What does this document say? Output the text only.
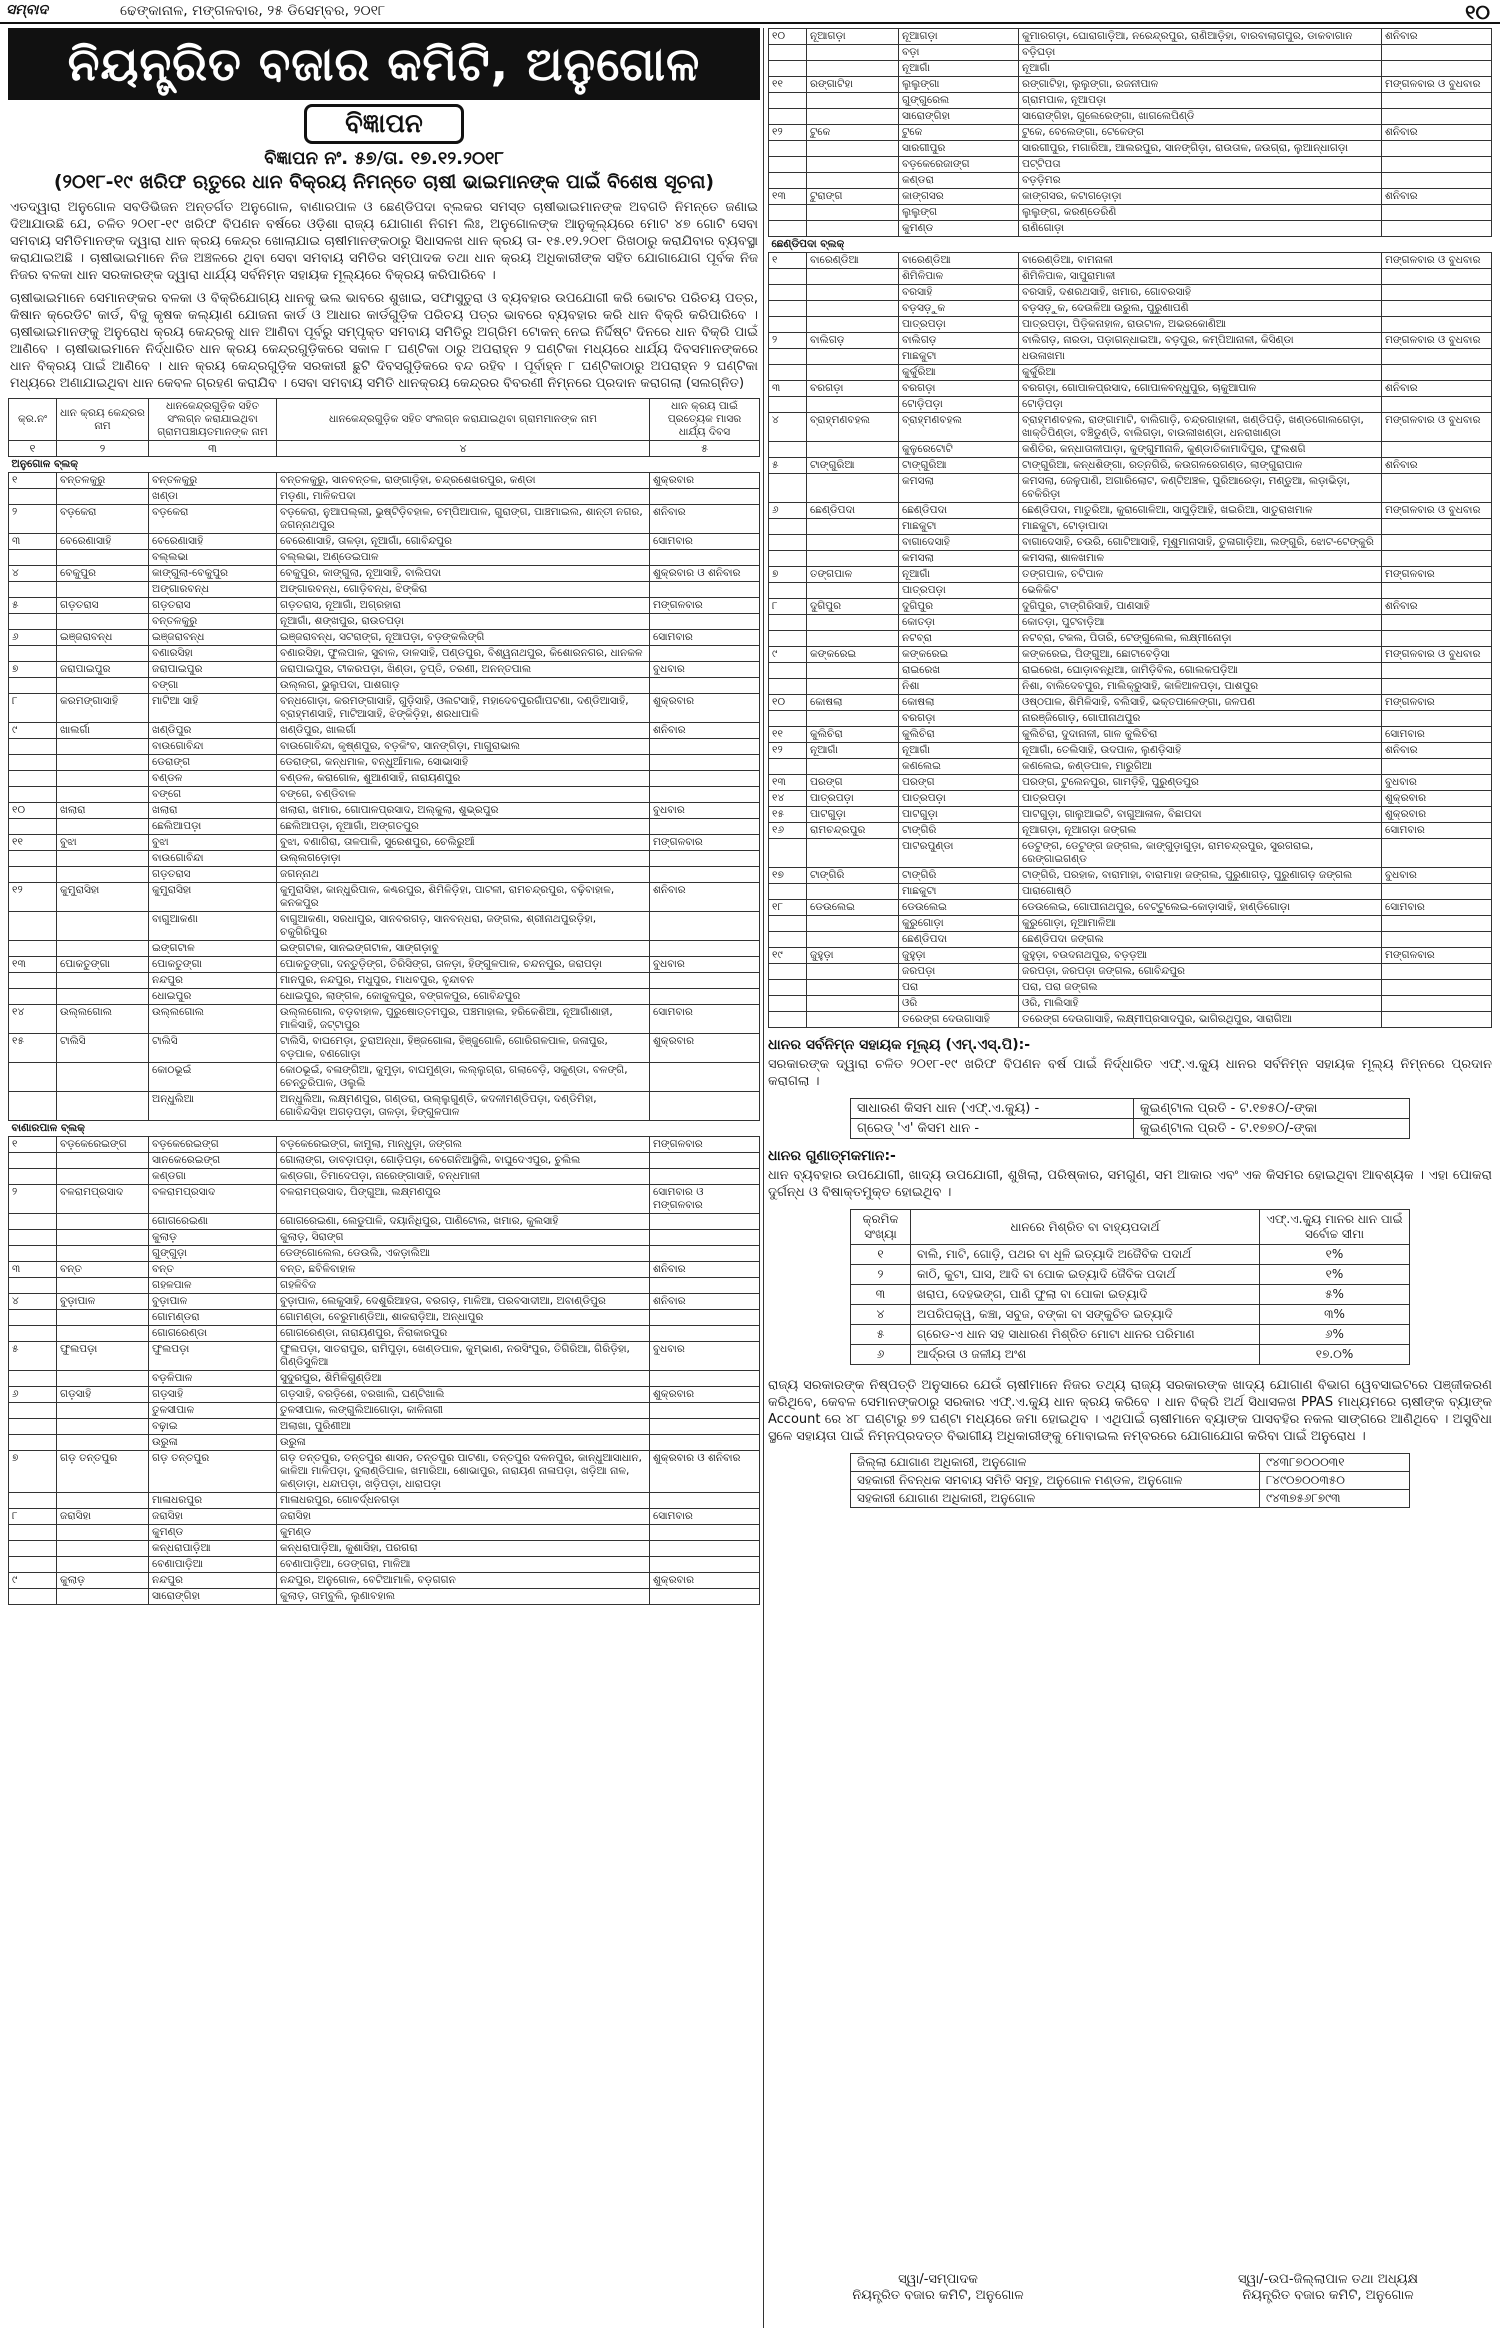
ସମ୍ବାଦ	ଢେଙ୍କାନାଳ, ମଙ୍ଗଳବାର, ୨୫ ଡିସେମ୍ବର, ୨୦୧୮	୧୦
ନିୟନ୍ତ୍ରିତ ବଜାର କମିଟି, ଅନୁଗୋଳ
ବିଜ୍ଞାପନ
ବିଜ୍ଞାପନ ନଂ. ୫୭/ତା. ୧୭.୧୨.୨୦୧୮
(୨୦୧୮-୧୯ ଖରିଫ ଋତୁରେ ଧାନ ବିକ୍ରୟ ନିମନ୍ତେ ଚାଷୀ ଭାଇମାନଙ୍କ ପାଇଁ ବିଶେଷ ସୂଚନା)

ଏତଦ୍ୱାରା ଅନୁଗୋଳ ସବଡିଭିଜନ ଅନ୍ତର୍ଗତ ଅନୁଗୋଳ, ବାଣାରପାଳ ଓ ଛେଣ୍ଡିପଦା ବ୍ଲକର ସମସ୍ତ ଚାଷୀଭାଇମାନଙ୍କ ଅବଗତି ନିମନ୍ତେ ଜଣାଇ ଦିଆଯାଉଛି ଯେ, ଚଳିତ ୨୦୧୮-୧୯ ଖରିଫ ବିପଣନ ବର୍ଷରେ ଓଡ଼ିଶା ରାଜ୍ୟ ଯୋଗାଣ ନିଗମ ଲିଃ, ଅନୁଗୋଳଙ୍କ ଆନୁକୂଲ୍ୟରେ ମୋଟ ୪୭ ଗୋଟି ସେବା ସମବାୟ ସମିତିମାନଙ୍କ ଦ୍ୱାରା ଧାନ କ୍ରୟ କେନ୍ଦ୍ର ଖୋଲାଯାଇ ଚାଷୀମାନଙ୍କଠାରୁ ସିଧାସଳଖ ଧାନ କ୍ରୟ ତା- ୧୫.୧୨.୨୦୧୮ ରିଖଠାରୁ କରାଯିବାର ବ୍ୟବସ୍ଥା କରାଯାଇଅଛି । ଚାଷୀଭାଇମାନେ ନିଜ ଅଞ୍ଚଳରେ ଥିବା ସେବା ସମବାୟ ସମିତିର ସମ୍ପାଦକ ତଥା ଧାନ କ୍ରୟ ଅଧିକାରୀଙ୍କ ସହିତ ଯୋଗାଯୋଗ ପୂର୍ବକ ନିଜ ନିଜର ବଳକା ଧାନ ସରକାରଙ୍କ ଦ୍ୱାରା ଧାର୍ଯ୍ୟ ସର୍ବନିମ୍ନ ସହାୟକ ମୂଲ୍ୟରେ ବିକ୍ରୟ କରିପାରିବେ ।

ଚାଷୀଭାଇମାନେ ସେମାନଙ୍କର ବଳକା ଓ ବିକ୍ରିଯୋଗ୍ୟ ଧାନକୁ ଭଲ ଭାବରେ ଶୁଖାଇ, ସଫାସୁତୁରା ଓ ବ୍ୟବହାର ଉପଯୋଗୀ କରି ଭୋଟର ପରିଚୟ ପତ୍ର, କିଷାନ କ୍ରେଡିଟ କାର୍ଡ, ବିଜୁ କୃଷକ କଲ୍ୟାଣ ଯୋଜନା କାର୍ଡ ଓ ଆଧାର କାର୍ଡଗୁଡ଼ିକ ପରିଚୟ ପତ୍ର ଭାବରେ ବ୍ୟବହାର କରି ଧାନ ବିକ୍ରି କରିପାରିବେ । ଚାଷୀଭାଇମାନଙ୍କୁ ଅନୁରୋଧ କ୍ରୟ କେନ୍ଦ୍ରକୁ ଧାନ ଆଣିବା ପୂର୍ବରୁ ସମ୍ପୃକ୍ତ ସମବାୟ ସମିତିରୁ ଅଗ୍ରିମ ଟୋକନ୍ ନେଇ ନିର୍ଦ୍ଦିଷ୍ଟ ଦିନରେ ଧାନ ବିକ୍ରି ପାଇଁ ଆଣିବେ । ଚାଷୀଭାଇମାନେ ନିର୍ଦ୍ଧାରିତ ଧାନ କ୍ରୟ କେନ୍ଦ୍ରଗୁଡ଼ିକରେ ସକାଳ ୮ ଘଣ୍ଟିକା ଠାରୁ ଅପରାହ୍ନ ୨ ଘଣ୍ଟିକା ମଧ୍ୟରେ ଧାର୍ଯ୍ୟ ଦିବସମାନଙ୍କରେ ଧାନ ବିକ୍ରୟ ପାଇଁ ଆଣିବେ । ଧାନ କ୍ରୟ କେନ୍ଦ୍ରଗୁଡ଼ିକ ସରକାରୀ ଛୁଟି ଦିବସଗୁଡ଼ିକରେ ବନ୍ଦ ରହିବ । ପୂର୍ବାହ୍ନ ୮ ଘଣ୍ଟିକାଠାରୁ ଅପରାହ୍ନ ୨ ଘଣ୍ଟିକା ମଧ୍ୟରେ ଅଣାଯାଇଥିବା ଧାନ କେବଳ ଗ୍ରହଣ କରାଯିବ । ସେବା ସମବାୟ ସମିତି ଧାନକ୍ରୟ କେନ୍ଦ୍ରର ବିବରଣୀ ନିମ୍ନରେ ପ୍ରଦାନ କରାଗଲା (ସଲଗ୍ନିତ)

କ୍ର.ନଂ	ଧାନ କ୍ରୟ କେନ୍ଦ୍ରର ନାମ	ଧାନକେନ୍ଦ୍ରଗୁଡ଼ିକ ସହିତ ସଂଲଗ୍ନ କରାଯାଇଥିବା ଗ୍ରାମପଞ୍ଚାୟତମାନଙ୍କ ନାମ	ଧାନକେନ୍ଦ୍ରଗୁଡ଼ିକ ସହିତ ସଂଲଗ୍ନ କରାଯାଇଥିବା ଗ୍ରାମମାନଙ୍କ ନାମ	ଧାନ କ୍ରୟ ପାଇଁ ପ୍ରତ୍ୟେକ ମାସର ଧାର୍ଯ୍ୟ ଦିବସ
୧	୨	୩	୪	୫
ଅନୁଗୋଳ ବ୍ଲକ୍				
୧	ବନ୍ତଳକୁରୁ	ବନ୍ତଳକୁରୁ	ବନ୍ତଳକୁରୁ, ସାନବନ୍ତଳ, ରାଙ୍ଗାଡ଼ିହା, ଚନ୍ଦ୍ରଶେଖରପୁର, କଣ୍ଡା	ଶୁକ୍ରବାର
		ଖଣ୍ଡା	ମଡ଼ଣା, ମାଳିକପଦା	
୨	ବଡ଼କେରା	ବଡ଼କେରା	ବଡ଼କେରା, ନୁଆପଲ୍ଲୀ, ଭୁଷ୍ଟିଡ଼ିବହାଳ, ଚମ୍ପିଆପାଳ, ଗୁରାଙ୍ଗ, ପାଞ୍ଚମାଇଲ, ଶାନ୍ତୀ ନଗର, ଜଗନ୍ନାଥପୁର	ଶନିବାର
୩	ବେରେଣାସାହି	ବେରେଣାସାହି	ବେରେଣାସାହି, ତାଳଡ଼ା, ନୂଆଗାଁ, ଗୋବିନ୍ଦପୁର	ସୋମବାର
		ବଲ୍ଲଭା	ବଲ୍ଲଭା, ଅଣ୍ଡେଇପାଳ	
୪	ବେକୁପୁର	କାଙ୍ଗୁଲା-ବେକୁପୁର	ବେକୁପୁର, କାଙ୍ଗୁଲା, ନୂଆସାହି, ବାଲିପଦା	ଶୁକ୍ରବାର ଓ ଶନିବାର
		ଅଙ୍ଗାରବନ୍ଧ	ଅଙ୍ଗାରବନ୍ଧ, ଗୋଡ଼ିବନ୍ଧ, ଝିଙ୍କିରା	
୫	ଗଡ଼ତରାସ	ଗଡ଼ତରାସ	ଗଡ଼ତରାସ, ନୂଆଗାଁ, ଅଗ୍ରହାରା	ମଙ୍ଗଳବାର
		ବନ୍ତଳକୁରୁ	ନୂଆଗାଁ, ଶଙ୍ଖପୁର, ରାଉତପଡ଼ା	
୬	ଇଞ୍ଜରାବନ୍ଧ	ଇଞ୍ଜରାବନ୍ଧ	ଇଞ୍ଜରାବନ୍ଧ, ସଟରାଙ୍ଗ, ନୂଆପଡ଼ା, ବଡ଼ଙ୍କଲିଙ୍ଗି	ସୋମବାର
		ବଣାରସିହା	ବଣାରସିହା, ଫୁଲପାଳ, ସୁବାଳ, ଡାଳସାହି, ପଣ୍ଡପୁର, ବିଶ୍ୱନାଥପୁର, କିଶୋରନଗର, ଧାନକଳ	
୭	ଜରାପାଇପୁର	ଜରାପାଇପୁର	ଜରାପାଇପୁର, ଟୀକରପଡ଼ା, ଖିଣ୍ଡା, ତୃପ୍ତି, ତରଣୀ, ଅନନ୍ତପାଲ	ବୁଧବାର
		ବଙ୍ଗା	ଉଲ୍ଲଗ, ଭୁଲୁପଦା, ପାଶଗାଡ଼	
୮	କରମଙ୍ଗାସାହି	ମାଟିଆ ସାହି	ବନ୍ଧଗୋଡ଼ା, କରମଙ୍ଗାସାହି, ଗୁଡ଼ିସାହି, ଓଲଟସାହି, ମହାଦେବପୁରଗାଁପଟଣା, ଦଣ୍ଡିଆସାହି, ବ୍ରାହ୍ମଣସାହି, ମାଟିଆସାହି, ଝିଙ୍କିଡ଼ିହା, ଶରଧାପାଳି	ଶୁକ୍ରବାର
୯	ଖାଲର୍ଗା	ଖଣ୍ଡିପୁର	ଖଣ୍ଡିପୁର, ଖାଲର୍ଗା	ଶନିବାର
		ବାଉଗୋବିନ୍ଦା	ବାଉଗୋବିନ୍ଦା, କୃଷ୍ଣପୁର, ବଡ଼କିଂବ, ସାନଙ୍ଗିଡ଼ା, ମାଗୁରାଭାଲ	
		ଡେରାଙ୍ଗ	ଡେରାଙ୍ଗ, କନ୍ଧମାଳ, ବନ୍ଧୁଆଁମାଳ, ସୋଭାସାହି	
		ବଣ୍ଡଳ	ବଣ୍ଡଳ, କରାଗୋଳ, ଶୁଆଣସାହି, ନାରାୟଣପୁର	
		ବଙ୍ଗେ	ବଙ୍ଗେ, ବଣ୍ଡିବାଳ	
୧୦	ଖଲାରା	ଖଲାରା	ଖଲାରା, ଖମାର, ଗୋପାଳପ୍ରସାଦ, ଅଲ୍କୁଲା, ଶୁଭ୍ରପୁର	ବୁଧବାର
		ଛେଲିଆପଡ଼ା	ଛେଲିଆପଡ଼ା, ନୂଆଗାଁ, ଅଙ୍ଗତପୁର	
୧୧	ବୁଝା	ବୁଝା	ବୁଝା, ବଣାଗିରା, ତାଳପାଳି, ସୁରେଶପୁର, ଚେଲିରୁଆଁ	ମଙ୍ଗଳବାର
		ବାଉଗୋବିନ୍ଦା	ଉଲ୍ଲଗଡ଼ୋଡ଼ା	
		ଗଡ଼ତରାସ	ଜଗନ୍ନାଥ	
୧୨	କୁମୁରାସିହା	କୁମୁରାସିହା	କୁମୁରାସିହା, କାନ୍ଧୁରିପାଳ, କଣ୍ଢରପୁର, ଶିମିଳିଡ଼ିହା, ପାଟଳୀ, ରାମଚନ୍ଦ୍ରପୁର, ବଢ଼ିବାହାଳ, କନକପୁର	ଶନିବାର
		ବାଗୁଆକଣା	ବାଗୁଆକଣା, ସରଧାପୁର, ସାନବରଗଡ଼, ସାନବନ୍ଧରା, ଜଙ୍ଗଲ, ଶ୍ରୀନାଥପୁରଡ଼ିହା, ଚକୁଗିରିପୁର	
		ଇଙ୍ଗଟାଳ	ଇଙ୍ଗଟାଳ, ସାନଇଙ୍ଗଟାଳ, ସାଙ୍ଗଡ଼ାବୁ	
୧୩	ପୋକତୁଙ୍ଗା	ପୋକତୁଙ୍ଗା	ପୋକତୁଙ୍ଗା, ଦନ୍ତୁଡ଼ିଙ୍ଗ, ତିରିସିଙ୍ଗ, ତାଳଡ଼ା, ହିଙ୍ଗୁଳପାଳ, ଚନ୍ଦନପୁର, ଜରାପଡ଼ା	ବୁଧବାର
		ନନ୍ଦପୁର	ମାନପୁର, ନନ୍ଦପୁର, ମଧୁପୁର, ମାଧବପୁର, ବୃନ୍ଦାବନ	
		ଧୋଇପୁର	ଧୋଇପୁର, ଲାଙ୍ଗଳ, କୋକୁଳପୁର, ବଙ୍ଗଳପୁର, ଗୋବିନ୍ଦପୁର	
୧୪	ଉଲ୍ଲଗୋଲ	ଉଲ୍ଲଗୋଲ	ଉଲ୍ଲଗୋଲ, ବଡ଼ବାହାଳ, ପୁରୁଷୋତ୍ତମପୁର, ପଞ୍ଚମାହାଲ, ହରିକେଶିଆ, ନୂଆଗାଁଶାହୀ, ମାଳିସାହି, ଜଟ୍ଟାପୁର	ସୋମବାର
୧୫	ଟାଲିସି	ଟାଲିସି	ଟାଲିସି, ବାଘମେଡ଼ା, ତୁରାଅନ୍ଧା, ହିଞ୍ଜଗୋଳା, ହିଞ୍ଜୁଗୋଳି, ଗୋରିଗଳପାଳ, ଜଳାପୁର, ବଡ଼ପାଳ, ବଣଗୋଡ଼ା	ଶୁକ୍ରବାର
		କୋଠଭୂଇଁ	କୋଠଭୂଇଁ, ବଳାଙ୍ଗିଆ, କୁମୁଡ଼ା, ବାଘମୁଣ୍ଡା, ଲଲ୍ଲୁଗ୍ରା, ଗଲାବେଡ଼ି, ସକୁଣ୍ଡା, ବଳଙ୍ଗି, ଚେନ୍ତୁରିପାଳ, ଓଲୁଲି	
		ଅନ୍ଧୁଲିଆ	ଅନ୍ଧୁଲିଆ, ଲକ୍ଷ୍ମଣପୁର, ଗଣ୍ଡରା, ଉଲ୍ଲୁଗୁଣ୍ଡି, କଦଳୀମଣ୍ଡିପଡ଼ା, ଦଣ୍ଡିମିହା, ଗୋବିନ୍ଦସିହା ଅଗଡ଼ପଡ଼ା, ତାଳଡ଼ା, ହିଙ୍ଗୁଳପାଳ	
ବାଣାରପାଳ ବ୍ଲକ୍				
୧	ବଡ଼କେରେଇଙ୍ଗ	ବଡ଼କେରେଇଙ୍ଗ	ବଡ଼କେରେଇଙ୍ଗ, କାମୁଲା, ମାନ୍ଧୁଡ଼ା, ଜଙ୍ଗଲ	ମଙ୍ଗଳବାର
		ସାନକେରେଇଙ୍ଗ	ଗୋଲାଙ୍ଗ, ଡାବଡ଼ାପଡ଼ା, ଗୋଡ଼ିପଡ଼ା, ବେଗେନିଆସ୍ଥିଲି, ବାଘୁଦେଏପୁର, ଚୁଲିଲ	
		କଣ୍ଡଗା	କଣ୍ଡଗା, ତିମାଦେପଡ଼ା, ନାରେଙ୍ଗାସାହି, ବନ୍ଧମାଳୀ	
୨	ବଳରାମପ୍ରସାଦ	ବଳରାମପ୍ରସାଦ	ବଳରାମପ୍ରସାଦ, ପିଙ୍ଗୁଆ, ଲକ୍ଷ୍ମଣପୁର	ସୋମବାର ଓ ମଙ୍ଗଳବାର
		ଗୋଗରେଇଣା	ଗୋଗରେଇଣା, ଲେଡୁପାଳି, ଦୟାନିଧିପୁର, ପାଣିଟୋଲ, ଖମାର, କୁଲସାହି	
		କୁଲାଡ଼	କୁଲାଡ଼, ସିରାଙ୍ଗ	
		ଗୁଙ୍ଗୁଡ଼ା	ଡେଙ୍ଗୋଲେଲ, ଡେଉଲି, ଏକଡ଼ାଲିଆ	
୩	ବନ୍ତ	ବନ୍ତ	ବନ୍ତ, ଛବିଳିବାହାଳ	ଶନିବାର
		ଗହଳପାଳ	ଗହଳିବିଜ	
୪	ବୁଡ଼ାପାଳ	ବୁଡ଼ାପାଳ	ବୁଡ଼ାପାଳ, ଲେକୁସାହି, ଦେଶୁରିଆହତା, ବରଗଡ଼, ମାଳିଆ, ପରବସାଦୀଆ, ଅବାଣ୍ଡିପୁର	ଶନିବାର
		ଗୋମଣ୍ଡରା	ଗୋମଣ୍ଡା, ବେରୁମାଣ୍ଡିଆ, ଶାକରାଡ଼ିଆ, ଅନ୍ଧାପୁର	
		ଗୋଗରେଣ୍ଡା	ଗୋଗରେଣ୍ଡା, ନାରାୟଣପୁର, ନିରାକାରପୁର	
୫	ଫୁଲପଡ଼ା	ଫୁଲପଡ଼ା	ଫୁଲପଡ଼ା, ସାତରାପୁର, ରାମିପୁଡ଼ା, ଖେଣ୍ଡପାଳ, କୁମ୍ଭାଣ, ନରସିଂପୁର, ତିଗିରିଆ, ଗିରିଡ଼ିହା, ଗିଣ୍ଡିସୁଳିଆ	ବୁଧବାର
		ବଡ଼ଳିପାଳ	ସୁଦୁରପୁର, ଶିମିଳିଗୁଣ୍ଡିଆ	
୬	ଗଡ଼ସାହି	ଗଡ଼ସାହି	ଗଡ଼ସାହି, ବରଡ଼ିଶେ, ବରଖାଲି, ଘଣ୍ଟିଖାଲି	ଶୁକ୍ରବାର
		ତୁଳସୀପାଳ	ତୁଳସୀପାଳ, ଲଙ୍ଗୁଲିଆଗୋଡ଼ା, କାଳିନାଗୀ	
		ବଢ଼ାଇ	ଅଲାଖା, ପୁରିଣୀଆ	
		ଉରୁଳା	ଉରୁଳା	
୭	ଗଡ଼ ତନ୍ତପୁର	ଗଡ଼ ତନ୍ତପୁର	ଗଡ଼ ତନ୍ତପୁର, ତନ୍ତପୁର ଶାସନ, ତନ୍ତପୁର ପାଟଣା, ତନ୍ତପୁର ଦଳନପୁର, କାନ୍ଧୁଆସାଧାନ, କାଳିଆ ମାଳିପଡ଼ା, ଦୁଲାଣ୍ଡିପାଳ, ଖମାରିଆ, ଶୋଭାପୁର, ନାରାୟଣ ନାଳାପଡ଼ା, ଖଡ଼ିଆ ନାଳ, କଣ୍ଡାଡ଼ା, ଧନ୍ଦାପଡ଼ା, ଖଡ଼ିପଡ଼ା, ଧାରାପଡ଼ା	ଶୁକ୍ରବାର ଓ ଶନିବାର
		ମାଳାଧରପୁର	ମାଳାଧରପୁର, ଗୋବର୍ଦ୍ଧନଗଡ଼ା	
୮	ଜରାସିହା	ଜରାସିହା	ଜରାସିହା	ସୋମବାର
		କୁମଣ୍ଡ	କୁମଣ୍ଡ	
		କନ୍ଧରାପାଡ଼ିଆ	କନ୍ଧରାପାଡ଼ିଆ, କୁଶାସିହା, ପରଗରା	
		ବେଣାପାଡ଼ିଆ	ବେଣାପାଡ଼ିଆ, ଡେଙ୍ଗରା, ମାଳିଆ	
୯	କୁଲାଡ଼	ନନ୍ଦପୁର	ନନ୍ଦପୁର, ଅନୁଗୋଳ, ବେଟିଆମାଳି, ବଡ଼ଗଗନ	ଶୁକ୍ରବାର
		ସାରୋଙ୍ଗିହା	କୁଲାଡ଼, ତାମ୍ବୁଲି, ଲୁଣାବହାଲ	
୧୦	ନୂଆଗଡ଼ା	ନୂଆଗଡ଼ା	କୁମାରଗଡ଼ା, ଘୋରାଗାଡ଼ିଆ, ନରେନ୍ଦ୍ରପୁର, ରାଣିଆଡ଼ିହା, ବାରବାଲାଗପୁର, ଡାକବାଗାନ	ଶନିବାର
		ବଡ଼ା	ବଡ଼ିଘଡ଼ା	
		ନୂଆଗାଁ	ନୂଆଗାଁ	
୧୧	ରଙ୍ଗାଟିହା	ଲୁଲୁଙ୍ଗା	ରଙ୍ଗାଟିହା, ଲୁଲୁଙ୍ଗା, ରଜନୀପାଳ	ମଙ୍ଗଳବାର ଓ ବୁଧବାର
		ଗୁଙ୍ଗୁରେଲ	ଗ୍ରାମପାଳ, ନୂଆପଡ଼ା	
		ସାରୋଙ୍ଗିହା	ସାରୋଙ୍ଗିହା, ଗୁଲେରେଙ୍ଗା, ଖାଗଲେପିଣ୍ଡି	
୧୨	ଟୁକେ	ଟୁକେ	ଟୁକେ, ବେଲେଙ୍ଗା, ଟେକେଙ୍ଗ	ଶନିବାର
		ସାରଗୀପୁର	ସାରଗୀପୁର, ମଗାରିଆ, ଆଲରପୁର, ସାନଙ୍ଗିଡ଼ା, ରାଉତାଳ, ଜଉଗ୍ରା, ଲୁଆନ୍ଧାଗଡ଼ା	
		ବଡ଼କେରେଜାଙ୍ଗ	ପଟ୍ଟିପତା	
		କଣ୍ଡରା	ବଡ଼ଡ଼ିମର	
୧୩	ଟୁରାଙ୍ଗ	କାଙ୍ଗସର	କାଙ୍ଗସର, କଟାଗଡ଼ୋଡ଼ା	ଶନିବାର
		ଲୁଲୁଙ୍ଗ	ଲୁଲୁଙ୍ଗ, କରଣ୍ଡେରିଣି	
		କୁମଣ୍ଡ	ରାଣିଗୋଡ଼ା	
ଛେଣ୍ଡିପଦା ବ୍ଲକ୍				
୧	ବାରେଣ୍ଡିଆ	ବାରେଣ୍ଡିଆ	ବାରେଣ୍ଡିଆ, ବାମନାଳୀ	ମଙ୍ଗଳବାର ଓ ବୁଧବାର
		ଶିମିଳିପାଳ	ଶିମିଳିପାଳ, ସାପୁରାମାଳୀ	
		ବରସାହି	ବରସାହି, ଦଶରଥସାହି, ଖମାର, ଗୋବରସାହି	
		ବଡ଼ସଡ଼ୁକ	ବଡ଼ସଡ଼ୁକ, ଦେଉଳିଆ ଉରୁଲ, ପୁରୁଣାପଣି	
		ପାତ୍ରପଡ଼ା	ପାତ୍ରପଡ଼ା, ପିଡ଼ିକନାହାଳ, ରାଉଟାଳ, ଅଭରକୋଣିଆ	
୨	ବାଲିଗଡ଼	ବାଲିଗଡ଼	ବାଲିଗଡ଼, ନାରଡା, ପଡ଼ାଗନ୍ଧାଇଆ, ବଡ଼ପୁର, କମ୍ପିଆନାଳୀ, କିସିଣ୍ଡା	ମଙ୍ଗଳବାର ଓ ବୁଧବାର
		ମାଛକୁଟା	ଧଉଳାଖମା	
		କୁର୍କୁରିଆ	କୁର୍କୁରିଆ	
୩	ବରଗଡ଼ା	ବରଗଡ଼ା	ବରଗଡ଼ା, ଗୋପାଳପ୍ରସାଦ, ଗୋପାଳବନ୍ଧୁପୁର, ଚାକୁଆପାଳ	ଶନିବାର
		ଟୋଡ଼ିପଡ଼ା	ଟୋଡ଼ିପଡ଼ା	
୪	ବ୍ରାହ୍ମଣବହଲ	ବ୍ରାହ୍ମଣବହଲ	ବ୍ରାହ୍ମଣବହଲ, ରାଙ୍ଗାମାଟି, ବାଲିଗାଡ଼ି, ଚନ୍ଦ୍ରଗାହାଳୀ, ଖଣ୍ଡିପଡ଼ି, ଖଣ୍ଡଗୋଲଗେଡ଼ା, ଖାକ୍ତିପିଣ୍ଡା, ବଞ୍ଚିଡୁଣ୍ଡି, ବାଲିଗଡ଼ା, ବାଉଲୀଖଣ୍ଡା, ଧନରାଖାଣ୍ଡା	ମଙ୍ଗଳବାର ଓ ବୁଧବାର
		କୁଳୁରେଟୋଟି	କଣିତିର, କନ୍ଧାତାଳୀପାଡ଼ା, କୁଙ୍ଗୁମୀନାଳି, କୁଣ୍ଡାତିକାମାଦିପୁର, ଫୁଲଶଗି	
୫	ଟାଙ୍ଗୁରିଆ	ଟାଙ୍ଗୁରିଆ	ଟାଙ୍ଗୁରିଆ, କନ୍ଧଶିଙ୍ଗା, ରତ୍ନଗିରି, କଉଗଳରେଗଣ୍ଡ, ଲାଙ୍ଗୁରାପାଳ	ଶନିବାର
		କମସଲା	କମସଲା, ଜେଳୁପାଣି, ଅଗାରିଲୋଟ, କଣ୍ଟିଅଞ୍ଚଳ, ପୁରିଆରେଡ଼ା, ମଣ୍ଡୁଆ, ଲଡ଼ାଭିଡ଼ା, ବେକିରିଡ଼ା	
୬	ଛେଣ୍ଡିପଦା	ଛେଣ୍ଡିପଦା	ଛେଣ୍ଡିପଦା, ମାତୁରିଆ, କୁରାଗୋଳିଆ, ସାପୁଡ଼ିଆହି, ଖଇରିଆ, ସାତୁରାଖମାଳ	ମଙ୍ଗଳବାର ଓ ବୁଧବାର
		ମାଛକୁଟା	ମାଛକୁଟା, ଟୋଡ଼ାପାଦା	
		ବାଗାଦେସାହି	ବାଗାଦେସାହି, ଚଉରି, ଗୋଟିଆସାହି, ମୂଶୁମାନାସାହି, ତୁଳାଗାଡ଼ିଆ, ଲଙ୍ଗୁରି, ଝୋଟ-ଟେଙ୍କୁରି	
		କମସଲା	କମସଲା, ଶାଳଖମାଳ	
୭	ତଙ୍ଗପାଳ	ନୂଆଗାଁ	ତଙ୍ଗପାଳ, ଚଟିପାଳ	ମଙ୍ଗଳବାର
		ପାତ୍ରପଡ଼ା	ଭେଳିକିଟ	
୮	ଦୁଗିପୁର	ଦୁଗିପୁର	ଦୁଗିପୁର, ଟାଙ୍ଗିରିସାହି, ପାଣସାହି	ଶନିବାର
		କୋତଡ଼ା	କୋତଡ଼ା, ପୁଟବାଡ଼ିଆ	
		ନଟବ୍ରା	ନଟବ୍ରା, ଟକଲ, ପିତାରି, ଟେଙ୍ଗୁଲେଲ, ଲକ୍ଷ୍ମୀନୋଡ଼ା	
୯	କଙ୍କରେଇ	କଙ୍କରେଇ	କଙ୍କରେଇ, ପିଙ୍ଗୁଆ, ଛୋଟାବେଡ଼ିସା	ମଙ୍ଗଳବାର ଓ ବୁଧବାର
		ରାଇରେଖ	ରାଇରେଖ, ଘୋଡ଼ାବନ୍ଧିଆ, ଜାମିଡ଼ିବିଲ, ଗୋଲକପଡ଼ିଆ	
		ନିଶା	ନିଶା, ବାଲିଦେବପୁର, ମାଲିକ୍ରୁସାହି, କାଳିଆଳପଡ଼ା, ପାଶପୁର	
୧୦	କୋଷଲା	କୋଷଲା	ଓଷ୍ଠପାଳ, ଶିମିଳିସାହି, ବଲିସାହି, ଭକ୍ତପାଳେଙ୍ଗା, ଜଳପଣ	ମଙ୍ଗଳବାର
		ବରଗଡ଼ା	ନାରଞ୍ଜିଗୋଡ଼, ଗୋପୀନାଥପୁର	
୧୧	କୁଲିଚିରା	କୁଲିଚିରା	କୁଲିଚିରା, ଦୁଦାନାଳୀ, ଗାଳ କୁଲିଚିରା	ସୋମବାର
୧୨	ନୂଆଗାଁ	ନୂଆଗାଁ	ନୂଆଗାଁ, ତେଲିସାହି, ଉଦପାଳ, ଲୁଣଡ଼ିସାହି	ଶନିବାର
		କଣଲେଇ	କଣଲେଇ, କଣ୍ଡପାଳ, ମାରୁଗିଆ	
୧୩	ପରଙ୍ଗ	ପରଙ୍ଗ	ପରଙ୍ଗ, ଟୁଲେନପୁର, ଗାମଡ଼ିହି, ପୁରୁଣ୍ଡପୁର	ବୁଧବାର
୧୪	ପାତ୍ରପଡ଼ା	ପାତ୍ରପଡ଼ା	ପାତ୍ରପଡ଼ା	ଶୁକ୍ରବାର
୧୫	ପାଟଗୁଡ଼ା	ପାଟଗୁଡ଼ା	ପାଟଗୁଡ଼ା, ଗାଲୁଆଇଟି, ବାଗୁଆଳାଳ, ବିଛାପଦା	ଶୁକ୍ରବାର
୧୬	ରାମଚନ୍ଦ୍ରପୁର	ଟାଙ୍ଗିରି	ନୂଆଗଡ଼ା, ନୂଆଗଡ଼ା ଜଙ୍ଗଲ	ସୋମବାର
		ପାଟରପୁଣ୍ଡା	ଡେଟୁଙ୍ଗ, ଡେଟୁଙ୍ଗ ଜଙ୍ଗଲ, କାଙ୍ଗୁଡ଼ାଗୁଡ଼ା, ରାମଚନ୍ଦ୍ରପୁର, ସୁରଗରାଇ, ରେଙ୍ଗାଇଗଣ୍ଡ	
୧୭	ଟାଙ୍ଗିରି	ଟାଙ୍ଗିରି	ଟାଙ୍ଗିରି, ପରହାକ, ବାରାମାହା, ବାରାମାହା ଜଙ୍ଗଲ, ପୁରୁଣାଗଡ଼, ପୁରୁଣାଗଡ଼ ଜଙ୍ଗଲ	ବୁଧବାର
		ମାଛକୁଟା	ପାରାଗୋଷ୍ଠି	
୧୮	ଡେଉଲେଇ	ଡେଉଲେଇ	ଡେଉଲେଇ, ଗୋପୀନାଥପୁର, ବେଟ୍ଟୁଲେଇ-କୋଡ଼ାସାହି, ହାଣ୍ଡିଗୋଡ଼ା	ସୋମବାର
		କୁରୁଗୋଡ଼ା	କୁରୁଗୋଡ଼ା, ନୂଆମାଳିଆ	
		ଛେଣ୍ଡିପଦା	ଛେଣ୍ଡିପଦା ଜଙ୍ଗଲ	
୧୯	ଜୁହୁଡ଼ା	ଜୁହୁଡ଼ା	ଜୁହୁଡ଼ା, ବଉଦନାଥପୁର, ବଡ଼ଡ଼ଆ	ମଙ୍ଗଳବାର
		ଜରପଡ଼ା	ଜରପଡ଼ା, ଜରପଡ଼ା ଜଙ୍ଗଲ, ଗୋବିନ୍ଦପୁର	
		ପରା	ପରା, ପରା ଜଙ୍ଗଲ	
		ଓରି	ଓରି, ମାଲିସାହି	
		ତରେଙ୍ଗ ଦେଉଗାସାହି	ତରେଙ୍ଗ ଦେଉଗାସାହି, ଲକ୍ଷ୍ମୀପ୍ରସାଦପୁର, ଭାଗିରଥିପୁର, ସାରାଗିଆ	
ଧାନର ସର୍ବନିମ୍ନ ସହାୟକ ମୂଲ୍ୟ (ଏମ୍.ଏସ୍.ପି):-

ସରକାରଙ୍କ ଦ୍ୱାରା ଚଳିତ ୨୦୧୮-୧୯ ଖରିଫ ବିପଣନ ବର୍ଷ ପାଇଁ ନିର୍ଦ୍ଧାରିତ ଏଫ୍.ଏ.କ୍ୟୁ ଧାନର ସର୍ବନିମ୍ନ ସହାୟକ ମୂଲ୍ୟ ନିମ୍ନରେ ପ୍ରଦାନ କରାଗଲା ।

ସାଧାରଣ କିସମ ଧାନ (ଏଫ୍.ଏ.କ୍ୟୁ) -	କୁଇଣ୍ଟାଲ ପ୍ରତି - ଟ.୧୭୫୦/-ଙ୍କା
ଗ୍ରେଡ୍ 'ଏ' କିସମ ଧାନ -	କୁଇଣ୍ଟାଲ ପ୍ରତି - ଟ.୧୭୭୦/-ଙ୍କା
ଧାନର ଗୁଣାତ୍ମକମାନ:-

ଧାନ ବ୍ୟବହାର ଉପଯୋଗୀ, ଖାଦ୍ୟ ଉପଯୋଗୀ, ଶୁଖିଲା, ପରିଷ୍କାର, ସମଗୁଣ, ସମ ଆକାର ଏବଂ ଏକ କିସମର ହୋଇଥିବା ଆବଶ୍ୟକ । ଏହା ପୋକରା ଦୁର୍ଗନ୍ଧ ଓ ବିଷାକ୍ତମୁକ୍ତ ହୋଇଥିବ ।

କ୍ରମିକ ସଂଖ୍ୟା	ଧାନରେ ମିଶ୍ରିତ ବା ବାହ୍ୟପଦାର୍ଥ	ଏଫ୍.ଏ.କ୍ୟୁ ମାନର ଧାନ ପାଇଁ ସର୍ବୋଚ୍ଚ ସୀମା
୧	ବାଲି, ମାଟି, ଗୋଡ଼ି, ପଥର ବା ଧୂଳି ଇତ୍ୟାଦି ଅଜୈବିକ ପଦାର୍ଥ	୧%
୨	କାଠି, କୁଟା, ଘାସ, ଆଦି ବା ପୋକ ଇତ୍ୟାଦି ଜୈବିକ ପଦାର୍ଥ	୧%
୩	ଖରାପ, ଦେହଭଙ୍ଗ, ପାଣି ଫୁଲା ବା ପୋକା ଇତ୍ୟାଦି	୫%
୪	ଅପରିପକ୍ୱ, କଞ୍ଚା, ସବୁଜ, ବଙ୍କା ବା ସଙ୍କୁଚିତ ଇତ୍ୟାଦି	୩%
୫	ଗ୍ରେଡ-ଏ ଧାନ ସହ ସାଧାରଣ ମିଶ୍ରିତ ମୋଟା ଧାନର ପରିମାଣ	୬%
୬	ଆର୍ଦ୍ରତା ଓ ଜଳୀୟ ଅଂଶ	୧୭.୦%

ରାଜ୍ୟ ସରକାରଙ୍କ ନିଷ୍ପତ୍ତି ଅନୁସାରେ ଯେଉଁ ଚାଷୀମାନେ ନିଜର ତଥ୍ୟ ରାଜ୍ୟ ସରକାରଙ୍କ ଖାଦ୍ୟ ଯୋଗାଣ ବିଭାଗ ୱେବସାଇଟରେ ପଞ୍ଜୀକରଣ କରିଥିବେ, କେବଳ ସେମାନଙ୍କଠାରୁ ସରକାର ଏଫ୍.ଏ.କ୍ୟୁ ଧାନ କ୍ରୟ କରିବେ । ଧାନ ବିକ୍ରି ଅର୍ଥ ସିଧାସଳଖ PPAS ମାଧ୍ୟମରେ ଚାଷୀଙ୍କ ବ୍ୟାଙ୍କ Account ରେ ୪୮ ଘଣ୍ଟାରୁ ୭୨ ଘଣ୍ଟା ମଧ୍ୟରେ ଜମା ହୋଇଥିବ । ଏଥିପାଇଁ ଚାଷୀମାନେ ବ୍ୟାଙ୍କ ପାସବହିର ନକଲ ସାଙ୍ଗରେ ଆଣିଥିବେ । ଅସୁବିଧା ସ୍ଥଳେ ସହାୟତା ପାଇଁ ନିମ୍ନପ୍ରଦତ୍ତ ବିଭାଗୀୟ ଅଧିକାରୀଙ୍କୁ ମୋବାଇଲ ନମ୍ବରରେ ଯୋଗାଯୋଗ କରିବା ପାଇଁ ଅନୁରୋଧ ।

ଜିଲ୍ଲା ଯୋଗାଣ ଅଧିକାରୀ, ଅନୁଗୋଳ	୯୪୩୮୭୦୦୦୩୧
ସହକାରୀ ନିବନ୍ଧକ ସମବାୟ ସମିତି ସମୂହ, ଅନୁଗୋଳ ମଣ୍ଡଳ, ଅନୁଗୋଳ	୮୪୯୦୭୦୦୩୫୦
ସହକାରୀ ଯୋଗାଣ ଅଧିକାରୀ, ଅନୁଗୋଳ	୯୪୩୭୫୬୮୭୯୩
ସ୍ୱା/-ସମ୍ପାଦକ
ନିୟନ୍ତ୍ରିତ ବଜାର କମିଟି, ଅନୁଗୋଳ
ସ୍ୱା/-ଉପ-ଜିଲ୍ଲାପାଳ ତଥା ଅଧ୍ୟକ୍ଷ
ନିୟନ୍ତ୍ରିତ ବଜାର କମିଟି, ଅନୁଗୋଳ
